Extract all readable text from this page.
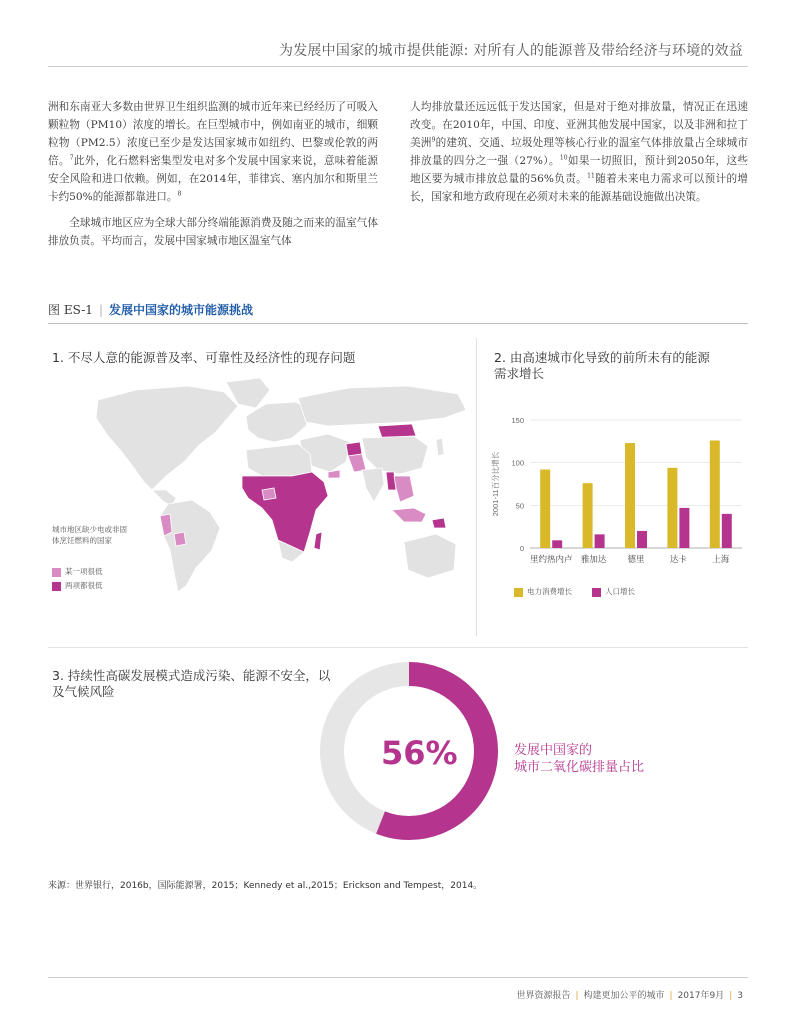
为发展中国家的城市提供能源: 对所有人的能源普及带给经济与环境的效益

洲和东南亚大多数由世界卫生组织监测的城市近年来已经经历了可吸入颗粒物（PM10）浓度的增长。在巨型城市中，例如南亚的城市，细颗粒物（PM2.5）浓度已至少是发达国家城市如纽约、巴黎或伦敦的两倍。$^7$此外，化石燃料密集型发电对多个发展中国家来说，意味着能源安全风险和进口依赖。例如，在2014年，菲律宾、塞内加尔和斯里兰卡约50%的能源都靠进口。$^8$

全球城市地区应为全球大部分终端能源消费及随之而来的温室气体排放负责。平均而言，发展中国家城市地区温室气体

人均排放量还远远低于发达国家，但是对于绝对排放量，情况正在迅速改变。在2010年，中国、印度、亚洲其他发展中国家，以及非洲和拉丁美洲$^9$的建筑、交通、垃圾处理等核心行业的温室气体排放量占全球城市排放量的四分之一强（27%）。$^{10}$如果一切照旧，预计到2050年，这些地区要为城市排放总量的56%负责。$^{11}$随着未来电力需求可以预计的增长，国家和地方政府现在必须对未来的能源基础设施做出决策。

图 ES-1 | 发展中国家的城市能源挑战
1. 不尽人意的能源普及率、可靠性及经济性的现存问题
城市地区缺少电或非固体烹饪燃料的国家
某一项很低
两项都很低
2. 由高速城市化导致的前所未有的能源需求增长
0
50
100
150
2001-11百分比增长
里约热内卢 雅加达 德里	达卡	上海
电力消费增长	人口增长
3. 持续性高碳发展模式造成污染、能源不安全，以及气候风险
56%	发展中国家的
城市二氧化碳排量占比
来源：世界银行，2016b，国际能源署，2015；Kennedy et al.,2015；Erickson and Tempest，2014。
世界资源报告 | 构建更加公平的城市 | 2017年9月 | 3
